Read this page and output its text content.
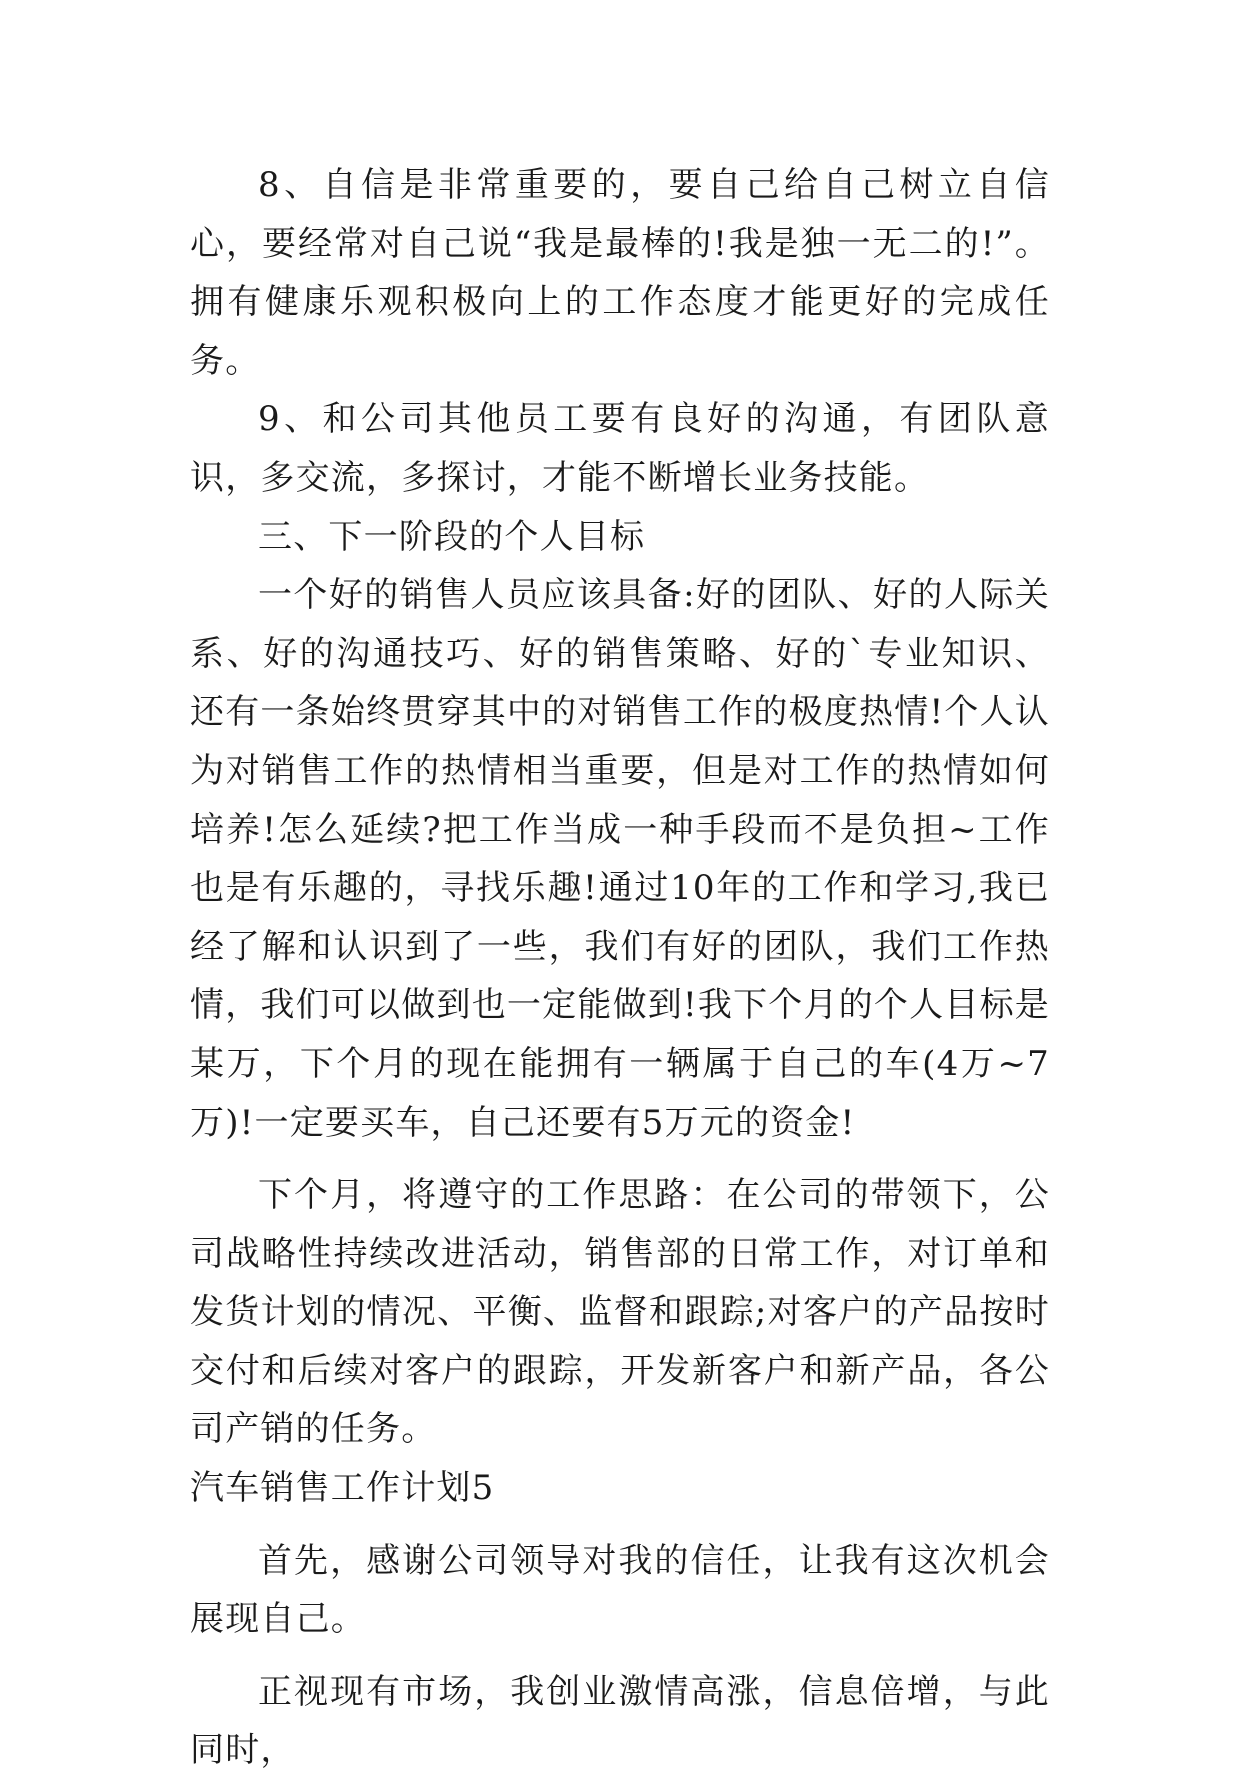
8、自信是非常重要的，要自己给自己树立自信心，要经常对自己说“我是最棒的!我是独一无二的!”。拥有健康乐观积极向上的工作态度才能更好的完成任务。

9、和公司其他员工要有良好的沟通，有团队意识，多交流，多探讨，才能不断增长业务技能。

三、下一阶段的个人目标

一个好的销售人员应该具备:好的团队、好的人际关系、好的沟通技巧、好的销售策略、好的`专业知识、还有一条始终贯穿其中的对销售工作的极度热情!个人认为对销售工作的热情相当重要，但是对工作的热情如何培养!怎么延续?把工作当成一种手段而不是负担~工作也是有乐趣的，寻找乐趣!通过10年的工作和学习,我已经了解和认识到了一些，我们有好的团队，我们工作热情，我们可以做到也一定能做到!我下个月的个人目标是某万，下个月的现在能拥有一辆属于自己的车(4万~7万)!一定要买车，自己还要有5万元的资金!

下个月，将遵守的工作思路：在公司的带领下，公司战略性持续改进活动，销售部的日常工作，对订单和发货计划的情况、平衡、监督和跟踪;对客户的产品按时交付和后续对客户的跟踪，开发新客户和新产品，各公司产销的任务。

汽车销售工作计划5

首先，感谢公司领导对我的信任，让我有这次机会展现自己。

正视现有市场，我创业激情高涨，信息倍增，与此同时，
